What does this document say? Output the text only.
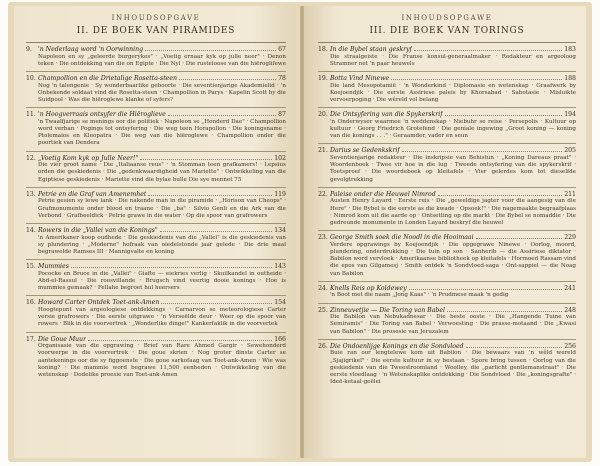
INHOUDSOPGAVE
II. DE BOEK VAN PIRAMIDES
9. 'n Nederlaag word 'n Oorwinning	67
Napoleon en sy „geleerde burgerykes" · „Voetig ernaar kyk op julle neer" · Denon teken · Die ontdekking van die on Egipte · Die Nyl · Die rusteloose van die hiëroglifewe
10. Champollion en die Drietalige Rosetta-steen	78
Nog 'n talengenie · Sy wonderbaarlike geboorte · Die seventienjarige Akademielid · 'n Onbekende soldaat vind die Rosetta-steen · Champollion in Parys · Kapelin Scott by die Suidpool · Was die hiëroglewe klanke of syfers?
11. 'n Hoogverraais ontsyfer die Hiëroglieve	87
'n Twaalfjarige se menings oor die politiek · Napoleon se „Honderd Dae" · Champollion word verban · Pogings tot ontsyfering · Die weg teen Horapollon · Die koningsname · Ptolemaios en Kleopatra · Die weg van die hiëroglewe · Champollion onder die poortiek van Dendera
12. „Voetig Kom kyk op Julle Neer!"	102
Die vier groot name · Die „Italiaanse reus" · 'n Stomman teen grafkamers! · Lepsius orden die geskiedenis · Die „gedenkwaardigheid van Mariette" · Ontwikkeling van die Egiptiese geskiedenis · Mariette vind die bylae bulle Die sye mennet 75
13. Petrie en die Graf van Amenemhet	119
Petrie gesien sy lewe lank · Die nakende man in die piramide · „Horison van Cheops" · Grafmonumente onder blood en traane · Die „ba" · Silvio Genli en die Ark van die Verbond · Grafbeeldick · Petrie grawe in die water · Op die spoor van grafrowers
14. Rowers in die „Vallei van die Konings"	134
'n Amerikaner koop oudhede · Die geskiedenis van die „Vallei" is die geskiedenis van sy plundering · „Moderne" hofraak van oiedelstonde jaar gelede · Die drie maal begrawelde Ramses III · Mannigvalte en koning
15. Mummies	143
Pococke en Bruce in die „Vallei" · Giafte — eiekries verlig · Skuilkandel in outheide · Abd-el-Rassul · Die roosvillande · Brugsch vind veertig dooie konings · Hoe is mummies gemaak? · Fellahe begroet hul heersers
16. Howard Carter Ontdek Toet-ank-Amen	154
Hoogtepunt van argeologiese ontdekkings · Carnarvon se meteorologiese Carter versie grafrowers · Die eerste uitgrawe · 'n Verseëlde deur · Weer op die spoor van rowers · Blik in die voorvertrek · „Wonderlike dinge!" Kankerfaklik in die voorvertek
17. Die Goue Muur	166
Organisasie van die opgrawing · Brief van Rare Ahmed Gargir · Sewehonderd voorwerpe in die voorvertrek · Die goue skrien · Nog groter dinste Carter se aantekenings oor die sy figgoenste · Die goue sarkofaag van Toet-ank-Amen · Wie was koning? · Die mammie word begrawe 11,500 eenheden · Ontwikkeling van die wetenskap · Dodelike proesie van Toet-ank-Amen
INHOUDSOPGAWE
III. DIE BOEK VAN TORINGS
18. In die Bybel staan geskryf	183
Die straalgeiste · Die Franse konsul-generaalmaker · Redakteur en argeoloog Stramner net 'n paar heuwels
19. Botta Vind Ninewe	188
Die land Mesopotamië · 'n Wonderkind · Diplomasie en wetenskap · Graafwerk by Koejoendjik · Die eerste Assiriese paleis by Khorsabad · Sabotasie · Misluikte vervoerpoging · Die wêreld vol belang
20. Die Ontsyfering van die Spykerskrif	194
'n Onderwyser waarmee 'n weddenskap · Niebuhr se reise · Persepolis · Kultuur op kultuur · Georg Friedrich Grotefend · Die geniale ingewing „Groot koning — koning van die konings . . ." · Geraamder, vader en seun
21. Darius se Gedenkskrif	205
Seventienjarige redakteur · Die inskripsie van Behistun · „Koning Dareaus praat" · Woordenboek · Twee vir hoe in die lug · Tweede ontsyfering van die spykerskrif · Toetsproef · Die woordeboek op kleitafels · Vier gelerdes kom tot dieselfde gevolgtrekking
22. Paleise onder die Heuwel Nimrod	211
Austen Henry Layard · Eerste reis · Die „geweldige jagter voor die aangesig van die Here" · Die Bybel is die eerste as die kwade · Opsoek!" · Die nagemaakte begraafplaas · Nimrod kom uit die aarde op · Ontsetting op die markt · Die Bybel se nomaddie · Die gedreunde monumente in Londen Layard beskryf die heuwel
23. George Smith soek die Noodl in die Hooimaai	229
Verdere opgrawings by Koejoendjik · Die opgegrawe Ninewe · Oorlog, moord, plundering, onderdrukking · Die tuin op son · Sanherib — die Assiriese diktator · Babilon word vervloek · Amerikaanse bibliotheek op kleitafels · Hormoed Rassam vind die epos van Gilgamesj · Smith ontdek 'n Sondvloed-saga · Ont-sappiel — die Noag van Babilon
24. Knells Reis op Koldewey	241
'n Boot met die naam „Jong Kaas" · 'n Prudmese maak 'n gedig
25. Zinneuvetjie — Die Toring van Babel	248
Die Babilon van Nebukadnesar · Die beste ooste · Die „Hangende Tuine van Semiramis" · Die Toring van Babel · Verwoesting · Die prasse-motaand · Die „Kwasi van Babilon" · Die prosesie van Jeruzalem
26. Die Ondoenlijge Konings en die Sondvloed	256
Buie ran oor lengtelewe kom uit Babilon · Die bewaars van 'n wêld wereld „Sjajigrikel" · Die eerste kultuur in sy bestaan · Spore bring tussen · Oorlog van die geskiedenis van die Tweestroomland · Woolley, die „parlicht gentlemanstraat" · Die eerste vloedlaag · 'n Wetenskaplike ontdekking · Die Sondvloed · Die „koningsgrafte" · Ideë-ketaal-geëlei
